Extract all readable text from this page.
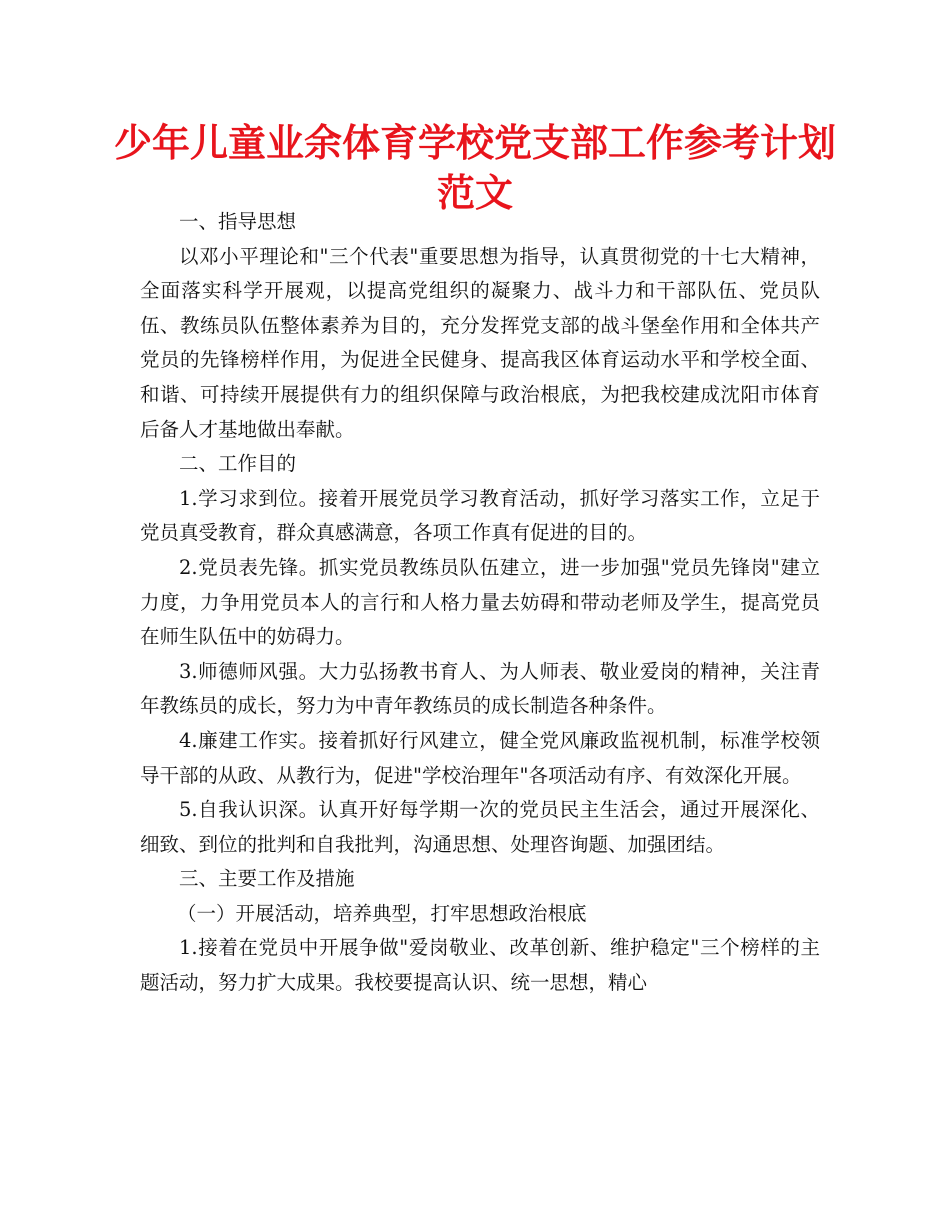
少年儿童业余体育学校党支部工作参考计划范文

一、指导思想

以邓小平理论和"三个代表"重要思想为指导，认真贯彻党的十七大精神，全面落实科学开展观，以提高党组织的凝聚力、战斗力和干部队伍、党员队伍、教练员队伍整体素养为目的，充分发挥党支部的战斗堡垒作用和全体共产党员的先锋榜样作用，为促进全民健身、提高我区体育运动水平和学校全面、和谐、可持续开展提供有力的组织保障与政治根底，为把我校建成沈阳市体育后备人才基地做出奉献。

二、工作目的

1.学习求到位。接着开展党员学习教育活动，抓好学习落实工作，立足于党员真受教育，群众真感满意，各项工作真有促进的目的。

2.党员表先锋。抓实党员教练员队伍建立，进一步加强"党员先锋岗"建立力度，力争用党员本人的言行和人格力量去妨碍和带动老师及学生，提高党员在师生队伍中的妨碍力。

3.师德师风强。大力弘扬教书育人、为人师表、敬业爱岗的精神，关注青年教练员的成长，努力为中青年教练员的成长制造各种条件。

4.廉建工作实。接着抓好行风建立，健全党风廉政监视机制，标准学校领导干部的从政、从教行为，促进"学校治理年"各项活动有序、有效深化开展。

5.自我认识深。认真开好每学期一次的党员民主生活会，通过开展深化、细致、到位的批判和自我批判，沟通思想、处理咨询题、加强团结。

三、主要工作及措施

（一）开展活动，培养典型，打牢思想政治根底

1.接着在党员中开展争做"爱岗敬业、改革创新、维护稳定"三个榜样的主题活动，努力扩大成果。我校要提高认识、统一思想，精心
